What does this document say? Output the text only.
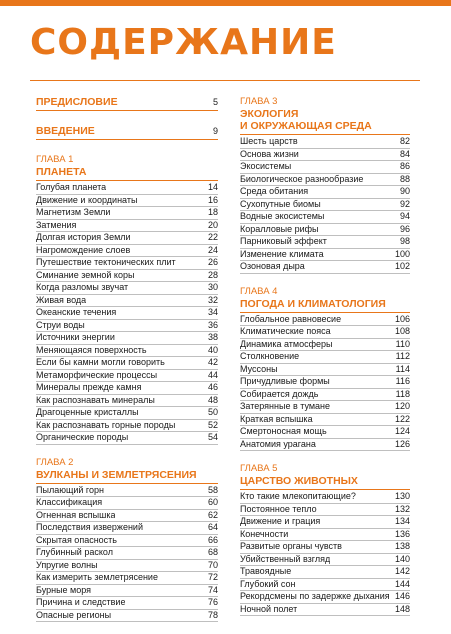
СОДЕРЖАНИЕ
ПРЕДИСЛОВИЕ	5
ВВЕДЕНИЕ	9
ГЛАВА 1
ПЛАНЕТА
Голубая планета	14
Движение и координаты	16
Магнетизм Земли	18
Затмения	20
Долгая история Земли	22
Нагромождение слоев	24
Путешествие тектонических плит	26
Сминание земной коры	28
Когда разломы звучат	30
Живая вода	32
Океанские течения	34
Струи воды	36
Источники энергии	38
Меняющаяся поверхность	40
Если бы камни могли говорить	42
Метаморфические процессы	44
Минералы прежде камня	46
Как распознавать минералы	48
Драгоценные кристаллы	50
Как распознавать горные породы	52
Органические породы	54
ГЛАВА 2
ВУЛКАНЫ И ЗЕМЛЕТРЯСЕНИЯ
Пылающий горн	58
Классификация	60
Огненная вспышка	62
Последствия извержений	64
Скрытая опасность	66
Глубинный раскол	68
Упругие волны	70
Как измерить землетрясение	72
Бурные моря	74
Причина и следствие	76
Опасные регионы	78
ГЛАВА 3
ЭКОЛОГИЯ
И ОКРУЖАЮЩАЯ СРЕДА
Шесть царств	82
Основа жизни	84
Экосистемы	86
Биологическое разнообразие	88
Среда обитания	90
Сухопутные биомы	92
Водные экосистемы	94
Коралловые рифы	96
Парниковый эффект	98
Изменение климата	100
Озоновая дыра	102
ГЛАВА 4
ПОГОДА И КЛИМАТОЛОГИЯ
Глобальное равновесие	106
Климатические пояса	108
Динамика атмосферы	110
Столкновение	112
Муссоны	114
Причудливые формы	116
Собирается дождь	118
Затерянные в тумане	120
Краткая вспышка	122
Смертоносная мощь	124
Анатомия урагана	126
ГЛАВА 5
ЦАРСТВО ЖИВОТНЫХ
Кто такие млекопитающие?	130
Постоянное тепло	132
Движение и грация	134
Конечности	136
Развитые органы чувств	138
Убийственный взгляд	140
Травоядные	142
Глубокий сон	144
Рекордсмены по задержке дыхания 146
Ночной полет	148
